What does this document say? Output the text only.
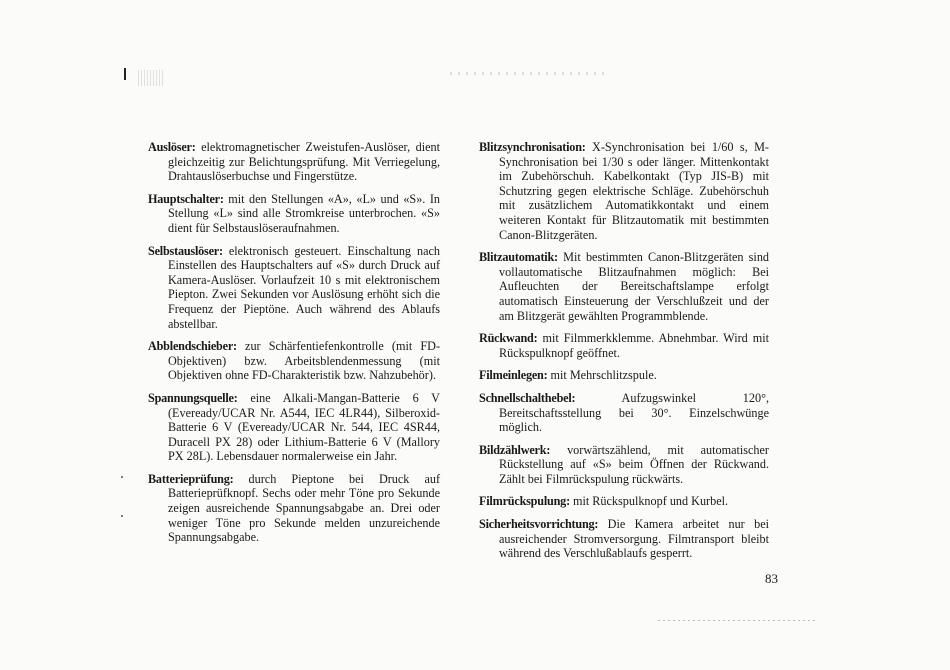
Auslöser: elektromagnetischer Zweistufen-Auslöser, dient gleichzeitig zur Belichtungsprüfung. Mit Verriegelung, Drahtauslöserbuchse und Fingerstütze.

Hauptschalter: mit den Stellungen «A», «L» und «S». In Stellung «L» sind alle Stromkreise unterbrochen. «S» dient für Selbstauslöseraufnahmen.

Selbstauslöser: elektronisch gesteuert. Einschaltung nach Einstellen des Hauptschalters auf «S» durch Druck auf Kamera-Auslöser. Vorlaufzeit 10 s mit elektronischem Piepton. Zwei Sekunden vor Auslösung erhöht sich die Frequenz der Pieptöne. Auch während des Ablaufs abstellbar.

Abblendschieber: zur Schärfentiefenkontrolle (mit FD-Objektiven) bzw. Arbeitsblendenmessung (mit Objektiven ohne FD-Charakteristik bzw. Nahzubehör).

Spannungsquelle: eine Alkali-Mangan-Batterie 6 V (Eveready/UCAR Nr. A544, IEC 4LR44), Silberoxid-Batterie 6 V (Eveready/UCAR Nr. 544, IEC 4SR44, Duracell PX 28) oder Lithium-Batterie 6 V (Mallory PX 28L). Lebensdauer normalerweise ein Jahr.

Batterieprüfung: durch Pieptone bei Druck auf Batterieprüfknopf. Sechs oder mehr Töne pro Sekunde zeigen ausreichende Spannungsabgabe an. Drei oder weniger Töne pro Sekunde melden unzureichende Spannungsabgabe.

Blitzsynchronisation: X-Synchronisation bei 1/60 s, M-Synchronisation bei 1/30 s oder länger. Mittenkontakt im Zubehörschuh. Kabelkontakt (Typ JIS-B) mit Schutzring gegen elektrische Schläge. Zubehörschuh mit zusätzlichem Automatikkontakt und einem weiteren Kontakt für Blitzautomatik mit bestimmten Canon-Blitzgeräten.

Blitzautomatik: Mit bestimmten Canon-Blitzgeräten sind vollautomatische Blitzaufnahmen möglich: Bei Aufleuchten der Bereitschaftslampe erfolgt automatisch Einsteuerung der Verschlußzeit und der am Blitzgerät gewählten Programmblende.

Rückwand: mit Filmmerkklemme. Abnehmbar. Wird mit Rückspulknopf geöffnet.

Filmeinlegen: mit Mehrschlitzspule.

Schnellschalthebel:	Aufzugswinkel 120°, Bereitschaftsstellung bei 30°. Einzelschwünge möglich.

Bildzählwerk: vorwärtszählend, mit automatischer Rückstellung auf «S» beim Öffnen der Rückwand. Zählt bei Filmrückspulung rückwärts.

Filmrückspulung: mit Rückspulknopf und Kurbel.

Sicherheitsvorrichtung: Die Kamera arbeitet nur bei ausreichender Stromversorgung. Filmtransport bleibt während des Verschlußablaufs gesperrt.

83
